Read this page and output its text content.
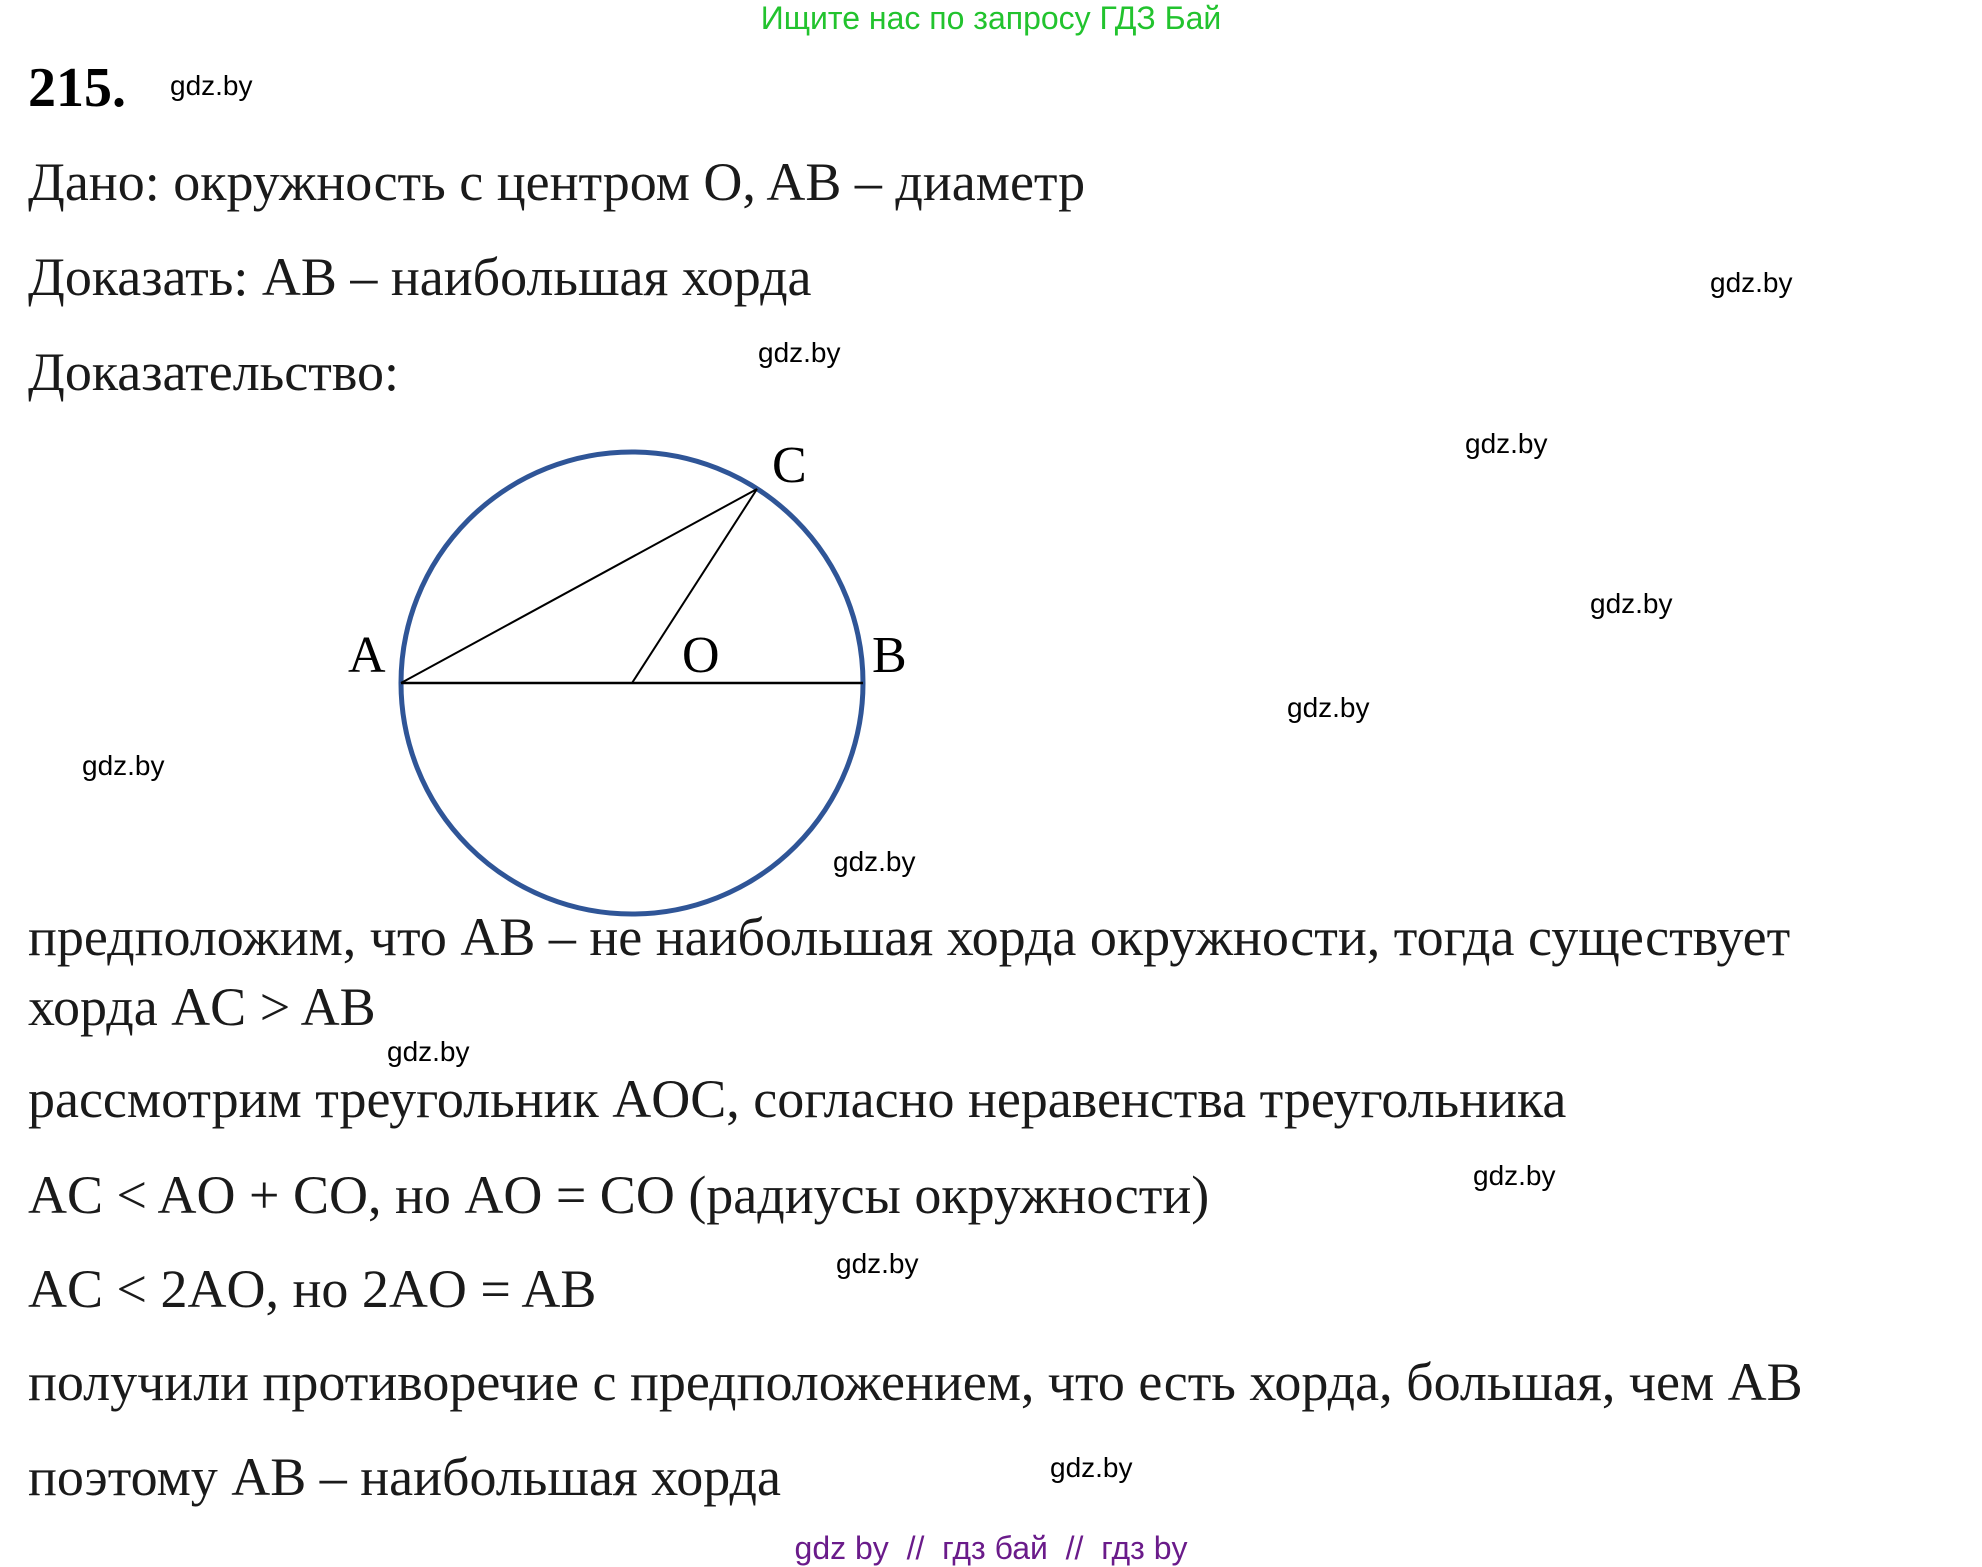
Ищите нас по запросу ГДЗ Бай
215. gdz.by
Дано: окружность с центром O, AB – диаметр
Доказать: AB – наибольшая хорда	gdz.by
gdz.by
Доказательство:
gdz.by
gdz.by
gdz.by
gdz.by
gdz.by
A	B
C
O
предположим, что AB – не наибольшая хорда окружности, тогда существует
хорда AC > AB
gdz.by
рассмотрим треугольник AOC, согласно неравенства треугольника
gdz.by
AC < AO + CO, но AO = CO (радиусы окружности)
gdz.by
AC < 2AO, но 2AO = AB
получили противоречие с предположением, что есть хорда, большая, чем AB
gdz.by
поэтому AB – наибольшая хорда
gdz by  //  гдз бай  //  гдз by
